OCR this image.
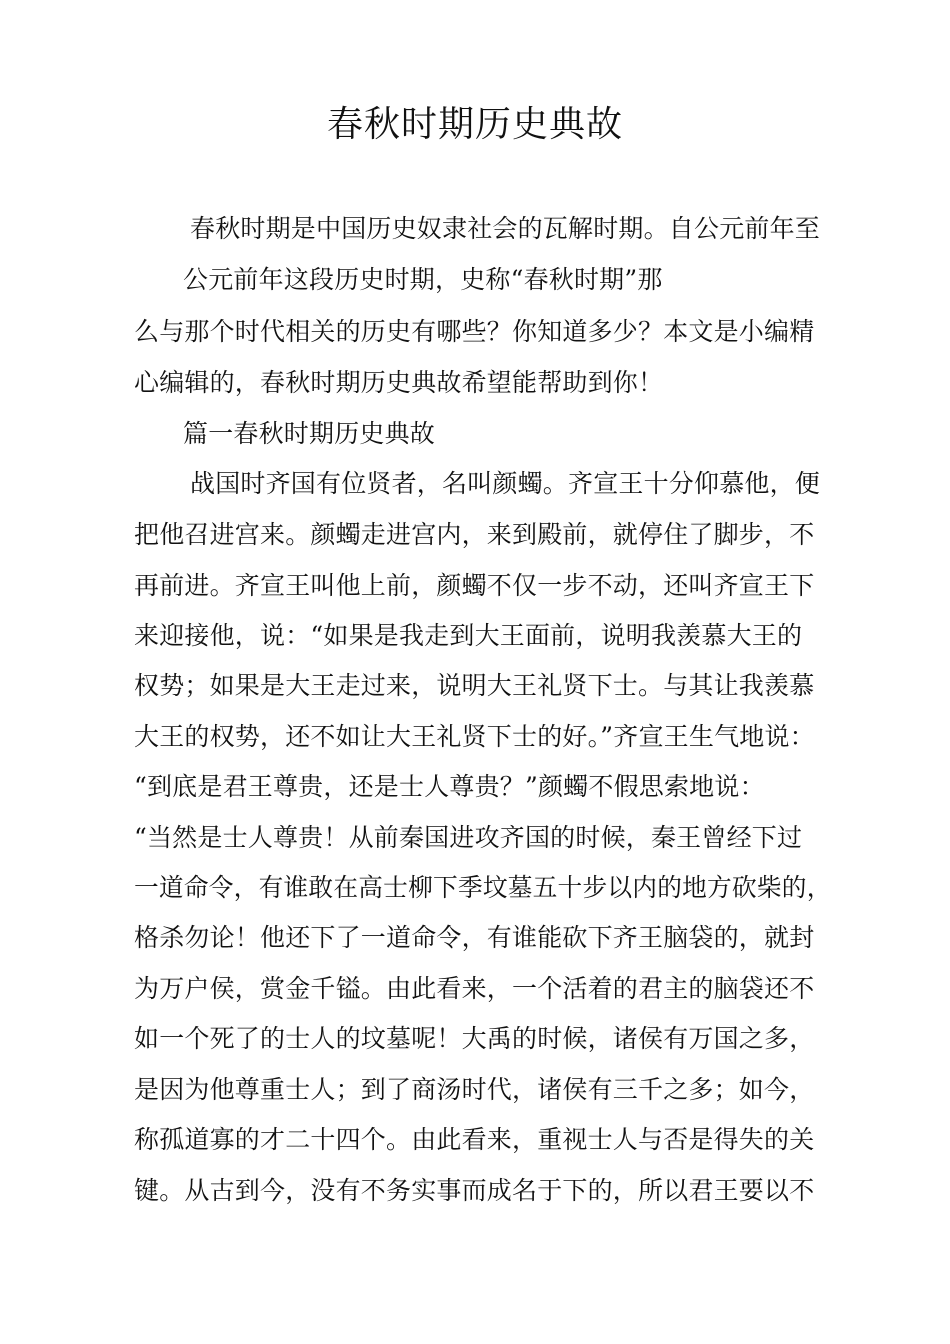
春秋时期历史典故
春秋时期是中国历史奴隶社会的瓦解时期。自公元前年至
公元前年这段历史时期，史称“春秋时期”那
么与那个时代相关的历史有哪些？你知道多少？本文是小编精
心编辑的，春秋时期历史典故希望能帮助到你！
篇一春秋时期历史典故
战国时齐国有位贤者，名叫颜蠋。齐宣王十分仰慕他，便
把他召进宫来。颜蠋走进宫内，来到殿前，就停住了脚步，不
再前进。齐宣王叫他上前，颜蠋不仅一步不动，还叫齐宣王下
来迎接他，说：“如果是我走到大王面前，说明我羡慕大王的
权势；如果是大王走过来，说明大王礼贤下士。与其让我羡慕
大王的权势，还不如让大王礼贤下士的好。”齐宣王生气地说：
“到底是君王尊贵，还是士人尊贵？”颜蠋不假思索地说：
“当然是士人尊贵！从前秦国进攻齐国的时候，秦王曾经下过
一道命令，有谁敢在高士柳下季坟墓五十步以内的地方砍柴的，
格杀勿论！他还下了一道命令，有谁能砍下齐王脑袋的，就封
为万户侯，赏金千镒。由此看来，一个活着的君主的脑袋还不
如一个死了的士人的坟墓呢！大禹的时候，诸侯有万国之多，
是因为他尊重士人；到了商汤时代，诸侯有三千之多；如今，
称孤道寡的才二十四个。由此看来，重视士人与否是得失的关
键。从古到今，没有不务实事而成名于下的，所以君王要以不
